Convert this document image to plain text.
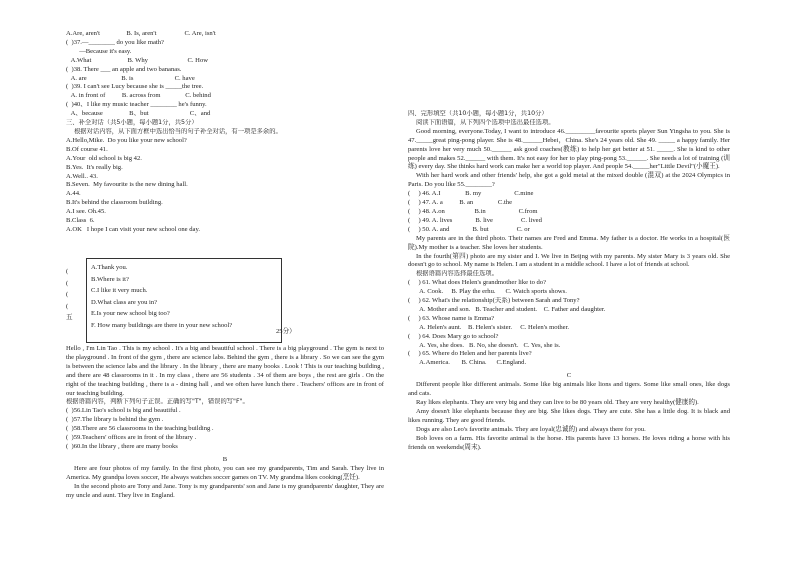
A.Are, aren't                B. Is, aren't                 C. Are, isn't
(  )37.—________ do you like math?
—Because it's easy.
A.What                      B. Why                        C. How
(  )38. There ___ an apple and two bananas.
A. are                     B. is                         C. have
(  )39. I can't see Lucy because she is _____the tree.
A. in front of          B. across from               C. behind
(  )40、I like my music teacher ________ he's funny.
A、because                B、but                         C、and
三、补全对话（共5小题，每小题1分，共5分）
根据对话内容，从下面方框中选出恰当的句子补全对话，有一项是多余的。
A.Hello,Mike.  Do you like your new school?
B.Of course 41.
A.Your  old school is big 42.
B.Yes.  It's really big.
A.Well.. 43.
B.Seven.  My favourite is the new dining hall.
A.44.
B.It's behind the classroom building.
A.I see. Oh.45.
B.Class  6.
A.OK   I hope I can visit your new school one day.
A.Thank you.
B.Where is it?
C.I like it very much.
D.What class are you in?
E.Is your new school big too?
F. How many buildings are there in your new school?
(
(
(
(
五
25分）
Hello , I'm Lin Tao . This is my school . It's a big and beautiful school . There is a big playground . The gym is next to the playground . In front of the gym , there are science labs. Behind the gym , there is a library . So we can see the gym is between the science labs and the library . In the library , there are many books . Look ! This is our teaching building , and there are 48 classrooms in it . In my class , there are 56 students . 34 of them are boys , the rest are girls . On the right of the teaching building , there is a - dining hall , and we often have lunch there . Teachers' offices are in front of our teaching building.
根据语篇内容，判断下列句子正误。正确的写"T"，错误的写"F"。
(  )56.Lin Tao's school is big and beautiful .
(  )57.The library is behind the gym .
(  )58.There are 56 classrooms in the teaching building .
(  )59.Teachers' offices are in front of the library .
(  )60.In the library , there are many books
B
Here are four photos of my family. In the first photo, you can see my grandparents, Tim and Sarah. They live in America. My grandpa loves soccer, He always watches soccer games on TV. My grandma likes cooking(烹饪).
In the second photo are Tony and Jane. Tony is my grandparents' son and Jane is my grandparents' daughter, They are my uncle and aunt. They live in England.
四、完形填空（共10小题，每小题1分，共10分）
阅读下面语篇，从下列四个选项中选出最佳选项。
Good morning, everyone.Today, I want to introduce 46._________favourite sports player Sun Yingsha to you. She is 47._____great ping-pong player. She is 48.______Hebei，China. She's 24 years old. She 49. _____ a happy family. Her parents love her very much 50.______ ask good coaches(教练) to help her get better at 51. _____. She is kind to other people and makes 52.______ with them. It's not easy for her to play ping-pong 53.______. She needs a lot of training (训练) every day. She thinks hard work can make her a world top player. And people 54._____her"Little Devil"(小魔王).
With her hard work and other friends' help, she got a gold metal at the mixed double (混双) at the 2024 Olympics in Paris. Do you like 55.________?
(     ) 46. A.I               B. my                    C.mine
(     ) 47. A. a          B. an               C.the
(     ) 48. A.on                  B.in                    C.from
(     ) 49. A. lives              B. live                 C. lived
(     ) 50. A. and              B. but                 C. or
My parents are in the third photo. Their names are Fred and Emma. My father is a doctor. He works in a hospital(医院).My mother is a teacher. She loves her students.
In the fourth(第四) photo are my sister and I. We live in Beijng with my parents. My sister Mary is 3 years old. She doesn't go to school. My name is Helen. I am a student in a middle school. I have a lot of friends at school.
根据语篇内容选择最佳选项。
(     ) 61. What does Helen's grandmother like to do?
A. Cook.     B. Play the erhu.      C. Watch sports shows.
(     ) 62. What's the relationship(关系) between Sarah and Tony?
A. Mother and son.   B. Teacher and student.    C. Father and daughter.
(     ) 63. Whose name is Emma?
A. Helen's aunt.    B. Helen's sister.     C. Helen's mother.
(     ) 64. Does Mary go to school?
A. Yes, she does.   B. No, she doesn't.   C. Yes, she is.
(     ) 65. Where do Helen and her parents live?
A.America.       B. China.      C.England.
C
Different people like different animals. Some like big animals like lions and tigers. Some like small ones, like dogs and cats.
Ray likes elephants. They are very big and they can live to be 80 years old. They are very healthy(健康的).
Amy doesn't like elephants because they are big. She likes dogs. They are cute. She has a little dog. It is black and likes running. They are good friends.
Dogs are also Leo's favorite animals. They are loyal(忠诚的) and always there for you.
Bob loves on a farm. His favorite animal is the horse. His parents have 13 horses. He loves riding a horse with his friends on weekends(周末).
